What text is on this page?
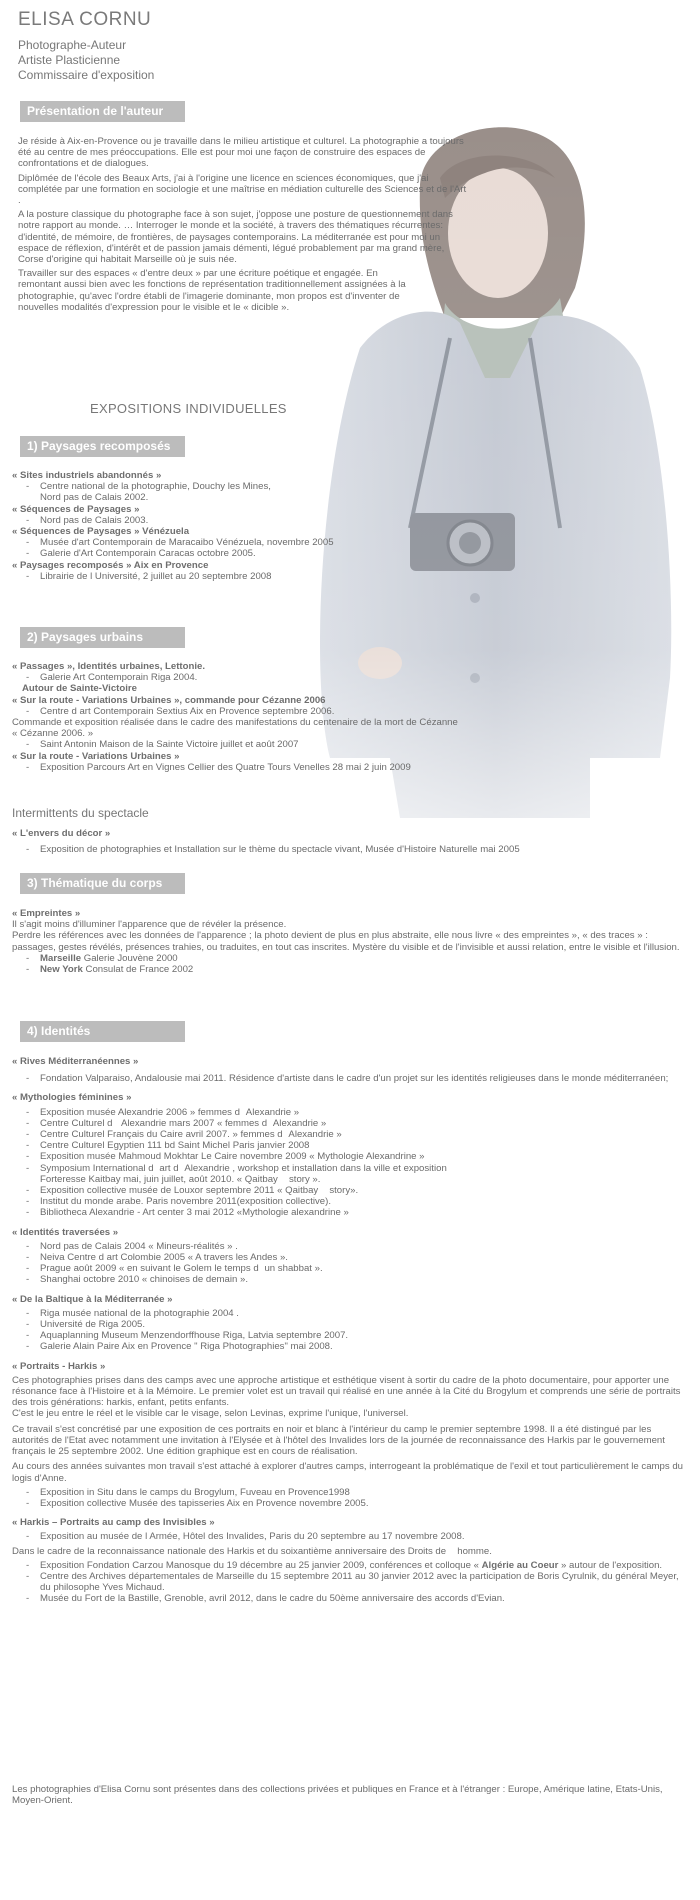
ELISA CORNU
Photographe-Auteur
Artiste Plasticienne
Commissaire d'exposition
Présentation de l'auteur

Je réside à Aix-en-Provence ou je travaille dans le milieu artistique et culturel. La photographie a toujours été au centre de mes préoccupations. Elle est pour moi une façon de construire des espaces de confrontations et de dialogues.

Diplômée de l'école des Beaux Arts, j'ai à l'origine une licence en sciences économiques, que j'ai complétée par une formation en sociologie et une maîtrise en médiation culturelle des Sciences et de l'Art .

A la posture classique du photographe face à son sujet, j'oppose une posture de questionnement dans notre rapport au monde. … Interroger le monde et la société, à travers des thématiques récurrentes: d'identité, de mémoire, de frontières, de paysages contemporains. La méditerranée est pour moi un espace de réflexion, d'intérêt et de passion jamais démenti, légué probablement par ma grand mère, Corse d'origine qui habitait Marseille où je suis née.

Travailler sur des espaces « d'entre deux » par une écriture poétique et engagée. En remontant aussi bien avec les fonctions de représentation traditionnellement assignées à la photographie, qu'avec l'ordre établi de l'imagerie dominante, mon propos est d'inventer de nouvelles modalités d'expression pour le visible et le « dicible ».

EXPOSITIONS INDIVIDUELLES
1) Paysages recomposés
« Sites industriels abandonnés »
- Centre national de la photographie, Douchy les Mines,
Nord pas de Calais 2002.
« Séquences de Paysages »
- Nord pas de Calais 2003.
« Séquences de Paysages » Vénézuela
- Musée d'art Contemporain de Maracaibo Vénézuela, novembre 2005
- Galerie d'Art Contemporain Caracas octobre 2005.
« Paysages recomposés » Aix en Provence
- Librairie de l Université, 2 juillet au 20 septembre 2008
2) Paysages urbains
« Passages », Identités urbaines, Lettonie.
- Galerie Art Contemporain Riga 2004.
Autour de Sainte-Victoire
« Sur la route - Variations Urbaines », commande pour Cézanne 2006
- Centre d art Contemporain Sextius Aix en Provence septembre 2006.
Commande et exposition réalisée dans le cadre des manifestations du centenaire de la mort de Cézanne
« Cézanne 2006. »
- Saint Antonin Maison de la Sainte Victoire juillet et août 2007
« Sur la route - Variations Urbaines »
- Exposition Parcours Art en Vignes Cellier des Quatre Tours Venelles 28 mai 2 juin 2009
Intermittents du spectacle
« L'envers du décor »
- Exposition de photographies et Installation sur le thème du spectacle vivant, Musée d'Histoire Naturelle mai 2005
3) Thématique du corps
« Empreintes »
Il s'agit moins d'illuminer l'apparence que de révéler la présence.
Perdre les références avec les données de l'apparence ; la photo devient de plus en plus abstraite, elle nous livre « des empreintes », « des traces » : passages, gestes révélés, présences trahies, ou traduites, en tout cas inscrites. Mystère du visible et de l'invisible et aussi relation, entre le visible et l'illusion.
- Marseille Galerie Jouvène 2000
- New York Consulat de France 2002
4) Identités
« Rives Méditerranéennes »
- Fondation Valparaiso, Andalousie mai 2011. Résidence d'artiste dans le cadre d'un projet sur les identités religieuses dans le monde méditerranéen;
« Mythologies féminines »
- Exposition musée Alexandrie 2006 » femmes dAlexandrie »
- Centre Culturel d Alexandrie mars 2007 « femmes dAlexandrie »
- Centre Culturel Français du Caire avril 2007. » femmes dAlexandrie »
- Centre Culturel Egyptien 111 bd Saint Michel Paris janvier 2008
- Exposition musée Mahmoud Mokhtar Le Caire novembre 2009 « Mythologie Alexandrine »
- Symposium International dart dAlexandrie , workshop et installation dans la ville et exposition Forteresse Kaitbay mai, juin juillet, août 2010. « Qaitbay  story ».
- Exposition collective musée de Louxor septembre 2011 « Qaitbay  story».
- Institut du monde arabe. Paris novembre 2011(exposition collective).
- Bibliotheca Alexandrie - Art center 3 mai 2012 «Mythologie alexandrine »
« Identités traversées »
- Nord pas de Calais 2004 « Mineurs-réalités » .
- Neiva Centre d art Colombie 2005 « A travers les Andes ».
- Prague août 2009 « en suivant le Golem le temps dun shabbat ».
- Shanghai octobre 2010 « chinoises de demain ».
« De la Baltique à la Méditerranée »
- Riga musée national de la photographie 2004 .
- Université de Riga 2005.
- Aquaplanning Museum Menzendorffhouse Riga, Latvia septembre 2007.
- Galerie Alain Paire Aix en Provence " Riga Photographies" mai 2008.
« Portraits - Harkis »
Ces photographies prises dans des camps avec une approche artistique et esthétique visent à sortir du cadre de la photo documentaire, pour apporter une résonance face à l'Histoire et à la Mémoire. Le premier volet est un travail qui réalisé en une année à la Cité du Brogylum et comprends une série de portraits des trois générations: harkis, enfant, petits enfants.
C'est le jeu entre le réel et le visible car le visage, selon Levinas, exprime l'unique, l'universel.
Ce travail s'est concrétisé par une exposition de ces portraits en noir et blanc à l'intérieur du camp le premier septembre 1998. Il a été distingué par les autorités de l'Etat avec notamment une invitation à l'Elysée et à l'hôtel des Invalides lors de la journée de reconnaissance des Harkis par le gouvernement français le 25 septembre 2002. Une édition graphique est en cours de réalisation.
Au cours des années suivantes mon travail s'est attaché à explorer d'autres camps, interrogeant la problématique de l'exil et tout particulièrement le camps du logis d'Anne.
- Exposition in Situ dans le camps du Brogylum, Fuveau en Provence1998
- Exposition collective Musée des tapisseries Aix en Provence novembre 2005.
« Harkis – Portraits au camp des Invisibles »
- Exposition au musée de l Armée, Hôtel des Invalides, Paris du 20 septembre au 17 novembre 2008.
Dans le cadre de la reconnaissance nationale des Harkis et du soixantième anniversaire des Droits de  homme.
- Exposition Fondation Carzou Manosque du 19 décembre au 25 janvier 2009, conférences et colloque « Algérie au Coeur » autour de l'exposition.
- Centre des Archives départementales de Marseille du 15 septembre 2011 au 30 janvier 2012 avec la participation de Boris Cyrulnik, du général Meyer, du philosophe Yves Michaud.
- Musée du Fort de la Bastille, Grenoble, avril 2012, dans le cadre du 50ème anniversaire des accords d'Evian.
Les photographies d'Elisa Cornu sont présentes dans des collections privées et publiques en France et à l'étranger : Europe, Amérique latine, Etats-Unis, Moyen-Orient.
